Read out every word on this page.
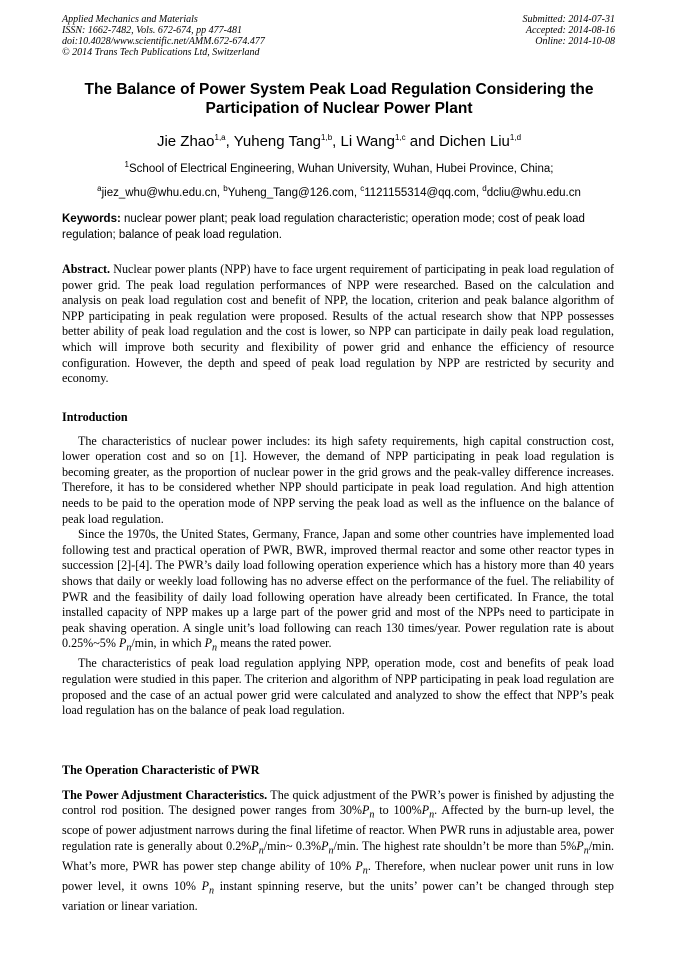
Applied Mechanics and Materials
ISSN: 1662-7482, Vols. 672-674, pp 477-481
doi:10.4028/www.scientific.net/AMM.672-674.477
© 2014 Trans Tech Publications Ltd, Switzerland
Submitted: 2014-07-31
Accepted: 2014-08-16
Online: 2014-10-08
The Balance of Power System Peak Load Regulation Considering the Participation of Nuclear Power Plant
Jie Zhao$^{1,a}$, Yuheng Tang$^{1,b}$, Li Wang$^{1,c}$ and Dichen Liu$^{1,d}$
$^1$School of Electrical Engineering, Wuhan University, Wuhan, Hubei Province, China;
$^a$jiez_whu@whu.edu.cn, $^b$Yuheng_Tang@126.com, $^c$1121155314@qq.com, $^d$dcliu@whu.edu.cn
Keywords: nuclear power plant; peak load regulation characteristic; operation mode; cost of peak load regulation; balance of peak load regulation.
Abstract. Nuclear power plants (NPP) have to face urgent requirement of participating in peak load regulation of power grid. The peak load regulation performances of NPP were researched. Based on the calculation and analysis on peak load regulation cost and benefit of NPP, the location, criterion and peak balance algorithm of NPP participating in peak regulation were proposed. Results of the actual research show that NPP possesses better ability of peak load regulation and the cost is lower, so NPP can participate in daily peak load regulation, which will improve both security and flexibility of power grid and enhance the efficiency of resource configuration. However, the depth and speed of peak load regulation by NPP are restricted by security and economy.

Introduction

The characteristics of nuclear power includes: its high safety requirements, high capital construction cost, lower operation cost and so on [1]. However, the demand of NPP participating in peak load regulation is becoming greater, as the proportion of nuclear power in the grid grows and the peak-valley difference increases. Therefore, it has to be considered whether NPP should participate in peak load regulation. And high attention needs to be paid to the operation mode of NPP serving the peak load as well as the influence on the balance of peak load regulation.

Since the 1970s, the United States, Germany, France, Japan and some other countries have implemented load following test and practical operation of PWR, BWR, improved thermal reactor and some other reactor types in succession [2]-[4]. The PWR’s daily load following operation experience which has a history more than 40 years shows that daily or weekly load following has no adverse effect on the performance of the fuel. The reliability of PWR and the feasibility of daily load following operation have already been certificated. In France, the total installed capacity of NPP makes up a large part of the power grid and most of the NPPs need to participate in peak shaving operation. A single unit’s load following can reach 130 times/year. Power regulation rate is about 0.25%~5% $P_n/\min$, in which $P_n$ means the rated power.

The characteristics of peak load regulation applying NPP, operation mode, cost and benefits of peak load regulation were studied in this paper. The criterion and algorithm of NPP participating in peak load regulation are proposed and the case of an actual power grid were calculated and analyzed to show the effect that NPP’s peak load regulation has on the balance of peak load regulation.

The Operation Characteristic of PWR

The Power Adjustment Characteristics. The quick adjustment of the PWR’s power is finished by adjusting the control rod position. The designed power ranges from $30\%P_n$ to $100\%P_n$. Affected by the burn-up level, the scope of power adjustment narrows during the final lifetime of reactor. When PWR runs in adjustable area, power regulation rate is generally about $0.2\%P_n/\min\sim$ $0.3\%P_n/\min$. The highest rate shouldn’t be more than $5\%P_n/\min$. What’s more, PWR has power step change ability of 10% $P_n$. Therefore, when nuclear power unit runs in low power level, it owns 10% $P_n$ instant spinning reserve, but the units’ power can’t be changed through step variation or linear variation.
